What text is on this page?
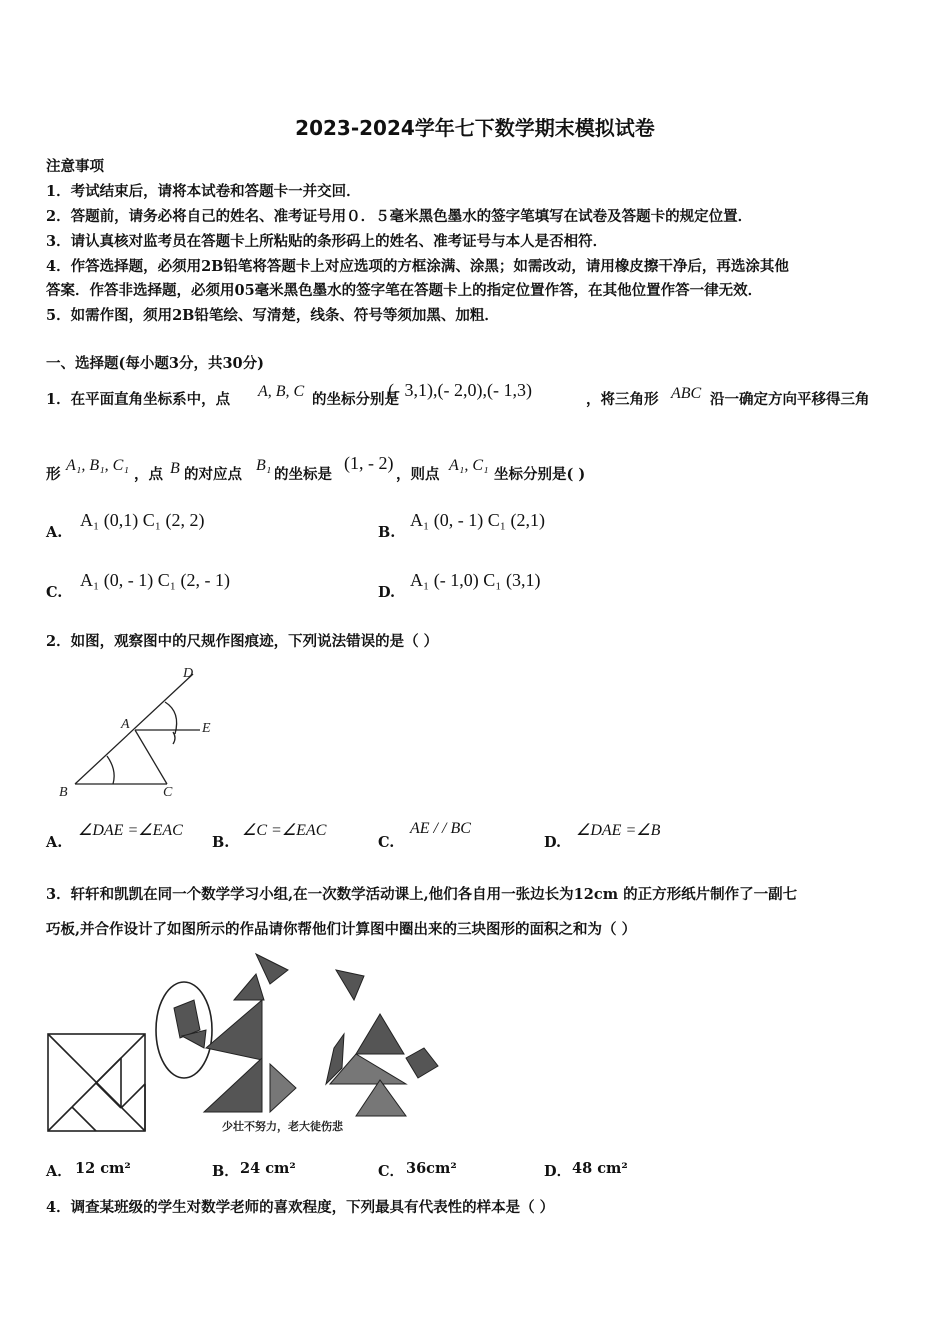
2023-2024学年七下数学期末模拟试卷
注意事项
1．考试结束后，请将本试卷和答题卡一并交回．
2．答题前，请务必将自己的姓名、准考证号用０．５毫米黑色墨水的签字笔填写在试卷及答题卡的规定位置．
3．请认真核对监考员在答题卡上所粘贴的条形码上的姓名、准考证号与本人是否相符．
4．作答选择题，必须用2B铅笔将答题卡上对应选项的方框涂满、涂黑；如需改动，请用橡皮擦干净后，再选涂其他
答案．作答非选择题，必须用05毫米黑色墨水的签字笔在答题卡上的指定位置作答，在其他位置作答一律无效．
5．如需作图，须用2B铅笔绘、写清楚，线条、符号等须加黑、加粗．
一、选择题(每小题3分，共30分)
1．在平面直角坐标系中，点 A, B, C 的坐标分别是
(- 3,1),(- 2,0),(- 1,3)	，将三角形 ABC 沿一确定方向平移得三角
形
A₁, B₁, C₁
，点 B 的对应点
B₁
的坐标是
(1, - 2)
，则点
A₁, C₁
坐标分别是( )
A.
A₁ (0,1) C₁ (2, 2)
B.
A₁ (0, - 1) C₁ (2,1)
C.
A₁ (0, - 1) C₁ (2, - 1)
D.
A₁ (- 1,0) C₁ (3,1)
2．如图，观察图中的尺规作图痕迹，下列说法错误的是（ ）
D
A	E
B	C
A.
∠DAE =∠EAC
B.
∠C =∠EAC
C.
AE / / BC
D.
∠DAE =∠B
3．轩轩和凯凯在同一个数学学习小组,在一次数学活动课上,他们各自用一张边长为12cm 的正方形纸片制作了一副七
巧板,并合作设计了如图所示的作品请你帮他们计算图中圈出来的三块图形的面积之和为（ ）
少壮不努力，老大徒伤悲
A． 12 cm²	B． 24 cm²	C． 36cm²	D． 48 cm²
4．调查某班级的学生对数学老师的喜欢程度，下列最具有代表性的样本是（ ）
